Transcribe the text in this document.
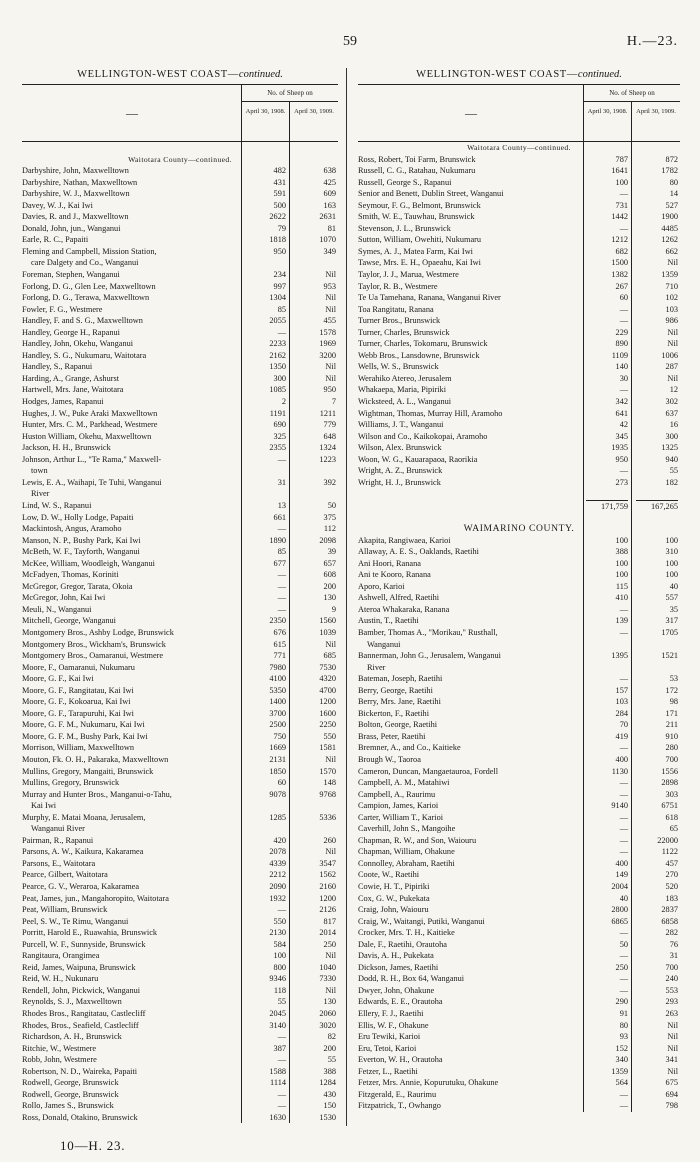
59	H.—23.
WELLINGTON-WEST COAST—continued.
—
No. of Sheep on
April 30, 1908.	April 30, 1909.
Waitotara County—continued.
Darbyshire, John, Maxwelltown	482	638
Darbyshire, Nathan, Maxwelltown	431	425
Darbyshire, W. J., Maxwelltown	591	609
Davey, W. J., Kai Iwi	500	163
Davies, R. and J., Maxwelltown	2622	2631
Donald, John, jun., Wanganui	79	81
Earle, R. C., Papaiti	1818	1070
Fleming and Campbell, Mission Station,	950	349
care Dalgety and Co., Wanganui
Foreman, Stephen, Wanganui	234	Nil
Forlong, D. G., Glen Lee, Maxwelltown	997	953
Forlong, D. G., Terawa, Maxwelltown	1304	Nil
Fowler, F. G., Westmere	85	Nil
Handley, F. and S. G., Maxwelltown	2055	455
Handley, George H., Rapanui	—	1578
Handley, John, Okehu, Wanganui	2233	1969
Handley, S. G., Nukumaru, Waitotara	2162	3200
Handley, S., Rapanui	1350	Nil
Harding, A., Grange, Ashurst	300	Nil
Hartwell, Mrs. Jane, Waitotara	1085	950
Hodges, James, Rapanui	2	7
Hughes, J. W., Puke Araki Maxwelltown	1191	1211
Hunter, Mrs. C. M., Parkhead, Westmere	690	779
Huston William, Okehu, Maxwelltown	325	648
Jackson, H. H., Brunswick	2355	1324
Johnson, Arthur L., "Te Rama," Maxwell-	—	1223
town
Lewis, E. A., Waihapi, Te Tuhi, Wanganui	31	392
River
Lind, W. S., Rapanui	13	50
Low, D. W., Holly Lodge, Papaiti	661	375
Mackintosh, Angus, Aramoho	—	112
Manson, N. P., Bushy Park, Kai Iwi	1890	2098
McBeth, W. F., Tayforth, Wanganui	85	39
McKee, William, Woodleigh, Wanganui	677	657
McFadyen, Thomas, Koriniti	—	608
McGregor, Gregor, Tarata, Okoia	—	200
McGregor, John, Kai Iwi	—	130
Meuli, N., Wanganui	—	9
Mitchell, George, Wanganui	2350	1560
Montgomery Bros., Ashby Lodge, Brunswick	676	1039
Montgomery Bros., Wickham's, Brunswick	615	Nil
Montgomery Bros., Oamaranui, Westmere	771	685
Moore, F., Oamaranui, Nukumaru	7980	7530
Moore, G. F., Kai Iwi	4100	4320
Moore, G. F., Rangitatau, Kai Iwi	5350	4700
Moore, G. F., Kokoarua, Kai Iwi	1400	1200
Moore, G. F., Tarapuruhi, Kai Iwi	3700	1600
Moore, G. F. M., Nukumaru, Kai Iwi	2500	2250
Moore, G. F. M., Bushy Park, Kai Iwi	750	550
Morrison, William, Maxwelltown	1669	1581
Mouton, Fk. O. H., Pakaraka, Maxwelltown	2131	Nil
Mullins, Gregory, Mangaiti, Brunswick	1850	1570
Mullins, Gregory, Brunswick	60	148
Murray and Hunter Bros., Manganui-o-Tahu,	9078	9768
Kai Iwi
Murphy, E. Matai Moana, Jerusalem,	1285	5336
Wanganui River
Pairman, R., Rapanui	420	260
Parsons, A. W., Kaikura, Kakaramea	2078	Nil
Parsons, E., Waitotara	4339	3547
Pearce, Gilbert, Waitotara	2212	1562
Pearce, G. V., Weraroa, Kakaramea	2090	2160
Peat, James, jun., Mangahoropito, Waitotara	1932	1200
Peat, William, Brunswick	—	2126
Peel, S. W., Te Rimu, Wanganui	550	817
Porritt, Harold E., Ruawahia, Brunswick	2130	2014
Purcell, W. F., Sunnyside, Brunswick	584	250
Rangitaura, Orangimea	100	Nil
Reid, James, Waipuna, Brunswick	800	1040
Reid, W. H., Nukunaru	9346	7330
Rendell, John, Pickwick, Wanganui	118	Nil
Reynolds, S. J., Maxwelltown	55	130
Rhodes Bros., Rangitatau, Castlecliff	2045	2060
Rhodes, Bros., Seafield, Castlecliff	3140	3020
Richardson, A. H., Brunswick	—	82
Ritchie, W., Westmere	387	200
Robb, John, Westmere	—	55
Robertson, N. D., Waireka, Papaiti	1588	388
Rodwell, George, Brunswick	1114	1284
Rodwell, George, Brunswick	—	430
Rollo, James S., Brunswick	—	150
Ross, Donald, Otakino, Brunswick	1630	1530
WELLINGTON-WEST COAST—continued.
—
No. of Sheep on
April 30, 1908.	April 30, 1909.
Waitotara County—continued.
Ross, Robert, Toi Farm, Brunswick	787	872
Russell, C. G., Ratahau, Nukumaru	1641	1782
Russell, George S., Rapanui	100	80
Senior and Benett, Dublin Street, Wanganui	—	14
Seymour, F. G., Belmont, Brunswick	731	527
Smith, W. E., Tauwhau, Brunswick	1442	1900
Stevenson, J. L., Brunswick	—	4485
Sutton, William, Owehiti, Nukumaru	1212	1262
Symes, A. J., Matea Farm, Kai Iwi	682	662
Tawse, Mrs. E. H., Opaeahu, Kai Iwi	1500	Nil
Taylor, J. J., Marua, Westmere	1382	1359
Taylor, R. B., Westmere	267	710
Te Ua Tamehana, Ranana, Wanganui River	60	102
Toa Rangitatu, Ranana	—	103
Turner Bros., Brunswick	—	986
Turner, Charles, Brunswick	229	Nil
Turner, Charles, Tokomaru, Brunswick	890	Nil
Webb Bros., Lansdowne, Brunswick	1109	1006
Wells, W. S., Brunswick	140	287
Werahiko Atereo, Jerusalem	30	Nil
Whakaepa, Maria, Pipiriki	—	12
Wicksteed, A. L., Wanganui	342	302
Wightman, Thomas, Murray Hill, Aramoho	641	637
Williams, J. T., Wanganui	42	16
Wilson and Co., Kaikokopai, Aramoho	345	300
Wilson, Alex. Brunswick	1935	1325
Woon, W. G., Kauarapaoa, Raorikia	950	940
Wright, A. Z., Brunswick	—	55
Wright, H. J., Brunswick	273	182
171,759	167,265
WAIMARINO COUNTY.
Akapita, Rangiwaea, Karioi	100	100
Allaway, A. E. S., Oaklands, Raetihi	388	310
Ani Hoori, Ranana	100	100
Ani te Kooro, Ranana	100	100
Aporo, Karioi	115	40
Ashwell, Alfred, Raetihi	410	557
Ateroa Whakaraka, Ranana	—	35
Austin, T., Raetihi	139	317
Bamber, Thomas A., "Morikau," Rusthall,	—	1705
Wanganui
Bannerman, John G., Jerusalem, Wanganui	1395	1521
River
Bateman, Joseph, Raetihi	—	53
Berry, George, Raetihi	157	172
Berry, Mrs. Jane, Raetihi	103	98
Bickerton, F., Raetihi	284	171
Bolton, George, Raetihi	70	211
Brass, Peter, Raetihi	419	910
Bremner, A., and Co., Kaitieke	—	280
Brough W., Taoroa	400	700
Cameron, Duncan, Mangaetauroa, Fordell	1130	1556
Campbell, A. M., Matahiwi	—	2898
Campbell, A., Raurimu	—	303
Campion, James, Karioi	9140	6751
Carter, William T., Karioi	—	618
Caverhill, John S., Mangoihe	—	65
Chapman, R. W., and Son, Waiouru	—	22000
Chapman, William, Ohakune	—	1122
Connolley, Abraham, Raetihi	400	457
Coote, W., Raetihi	149	270
Cowie, H. T., Pipiriki	2004	520
Cox, G. W., Pukekata	40	183
Craig, John, Waiouru	2800	2837
Craig, W., Waitangi, Putiki, Wanganui	6865	6858
Crocker, Mrs. T. H., Kaitieke	—	282
Dale, F., Raetihi, Orautoha	50	76
Davis, A. H., Pukekata	—	31
Dickson, James, Raetihi	250	700
Dodd, R. H., Box 64, Wanganui	—	240
Dwyer, John, Ohakune	—	553
Edwards, E. E., Orautoha	290	293
Ellery, F. J., Raetihi	91	263
Ellis, W. F., Ohakune	80	Nil
Eru Tewiki, Karioi	93	Nil
Eru, Tetoi, Karioi	152	Nil
Everton, W. H., Orautoha	340	341
Fetzer, L., Raetihi	1359	Nil
Fetzer, Mrs. Annie, Kopurutuku, Ohakune	564	675
Fitzgerald, E., Raurimu	—	694
Fitzpatrick, T., Owhango	—	798
10—H. 23.
